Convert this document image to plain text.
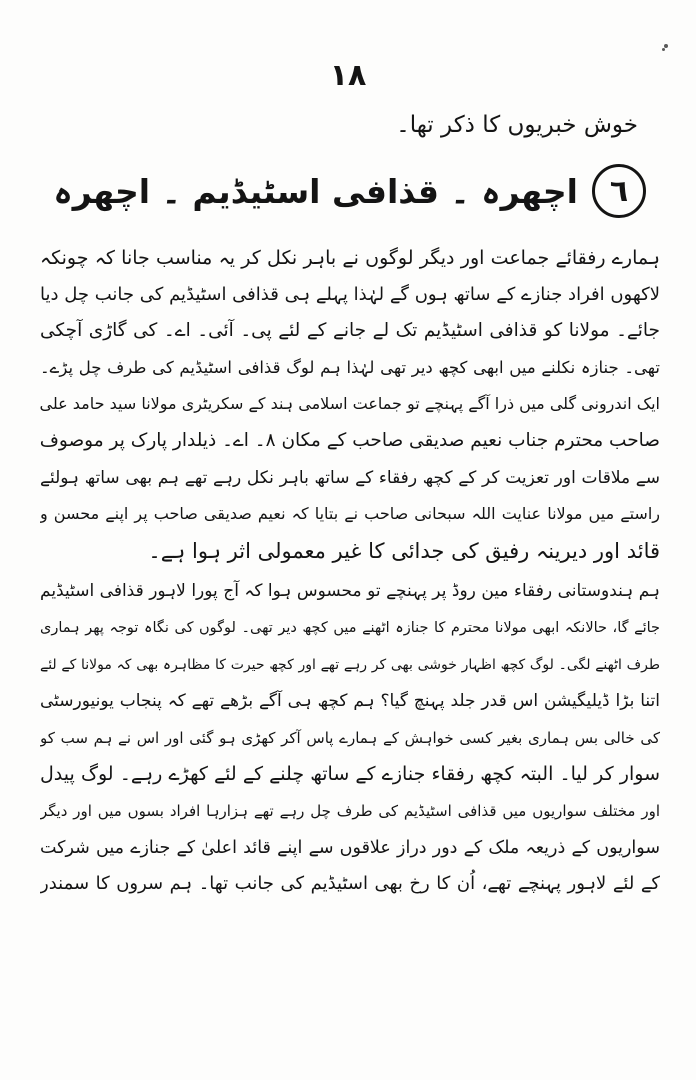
۱۸
خوش خبریوں کا ذکر تھا۔
٦
اچھرہ ۔ قذافی اسٹیڈیم ۔ اچھرہ
ہمارے رفقائے جماعت اور دیگر لوگوں نے باہر نکل کر یہ مناسب جانا کہ چونکہ
لاکھوں افراد جنازے کے ساتھ ہوں گے لہٰذا پہلے ہی قذافی اسٹیڈیم کی جانب چل دیا
جائے۔ مولانا کو قذافی اسٹیڈیم تک لے جانے کے لئے پی۔ آئی۔ اے۔ کی گاڑی آچکی
تھی۔ جنازہ نکلنے میں ابھی کچھ دیر تھی لہٰذا ہم لوگ قذافی اسٹیڈیم کی طرف چل پڑے۔
ایک اندرونی گلی میں ذرا آگے پہنچے تو جماعت اسلامی ہند کے سکریٹری مولانا سید حامد علی
صاحب محترم جناب نعیم صدیقی صاحب کے مکان ۸۔ اے۔ ذیلدار پارک پر موصوف
سے ملاقات اور تعزیت کر کے کچھ رفقاء کے ساتھ باہر نکل رہے تھے ہم بھی ساتھ ہولئے
راستے میں مولانا عنایت اللہ سبحانی صاحب نے بتایا کہ نعیم صدیقی صاحب پر اپنے محسن و
قائد اور دیرینہ رفیق کی جدائی کا غیر معمولی اثر ہوا ہے۔
ہم ہندوستانی رفقاء مین روڈ پر پہنچے تو محسوس ہوا کہ آج پورا لاہور قذافی اسٹیڈیم
جائے گا، حالانکہ ابھی مولانا محترم کا جنازہ اٹھنے میں کچھ دیر تھی۔ لوگوں کی نگاہ توجہ پھر ہماری
طرف اٹھنے لگی۔ لوگ کچھ اظہار خوشی بھی کر رہے تھے اور کچھ حیرت کا مظاہرہ بھی کہ مولانا کے لئے
اتنا بڑا ڈیلیگیشن اس قدر جلد پہنچ گیا؟ ہم کچھ ہی آگے بڑھے تھے کہ پنجاب یونیورسٹی
کی خالی بس ہماری بغیر کسی خواہش کے ہمارے پاس آکر کھڑی ہو گئی اور اس نے ہم سب کو
سوار کر لیا۔ البتہ کچھ رفقاء جنازے کے ساتھ چلنے کے لئے کھڑے رہے۔ لوگ پیدل
اور مختلف سواریوں میں قذافی اسٹیڈیم کی طرف چل رہے تھے ہزارہا افراد بسوں میں اور دیگر
سواریوں کے ذریعہ ملک کے دور دراز علاقوں سے اپنے قائد اعلیٰ کے جنازے میں شرکت
کے لئے لاہور پہنچے تھے، اُن کا رخ بھی اسٹیڈیم کی جانب تھا۔ ہم سروں کا سمندر
